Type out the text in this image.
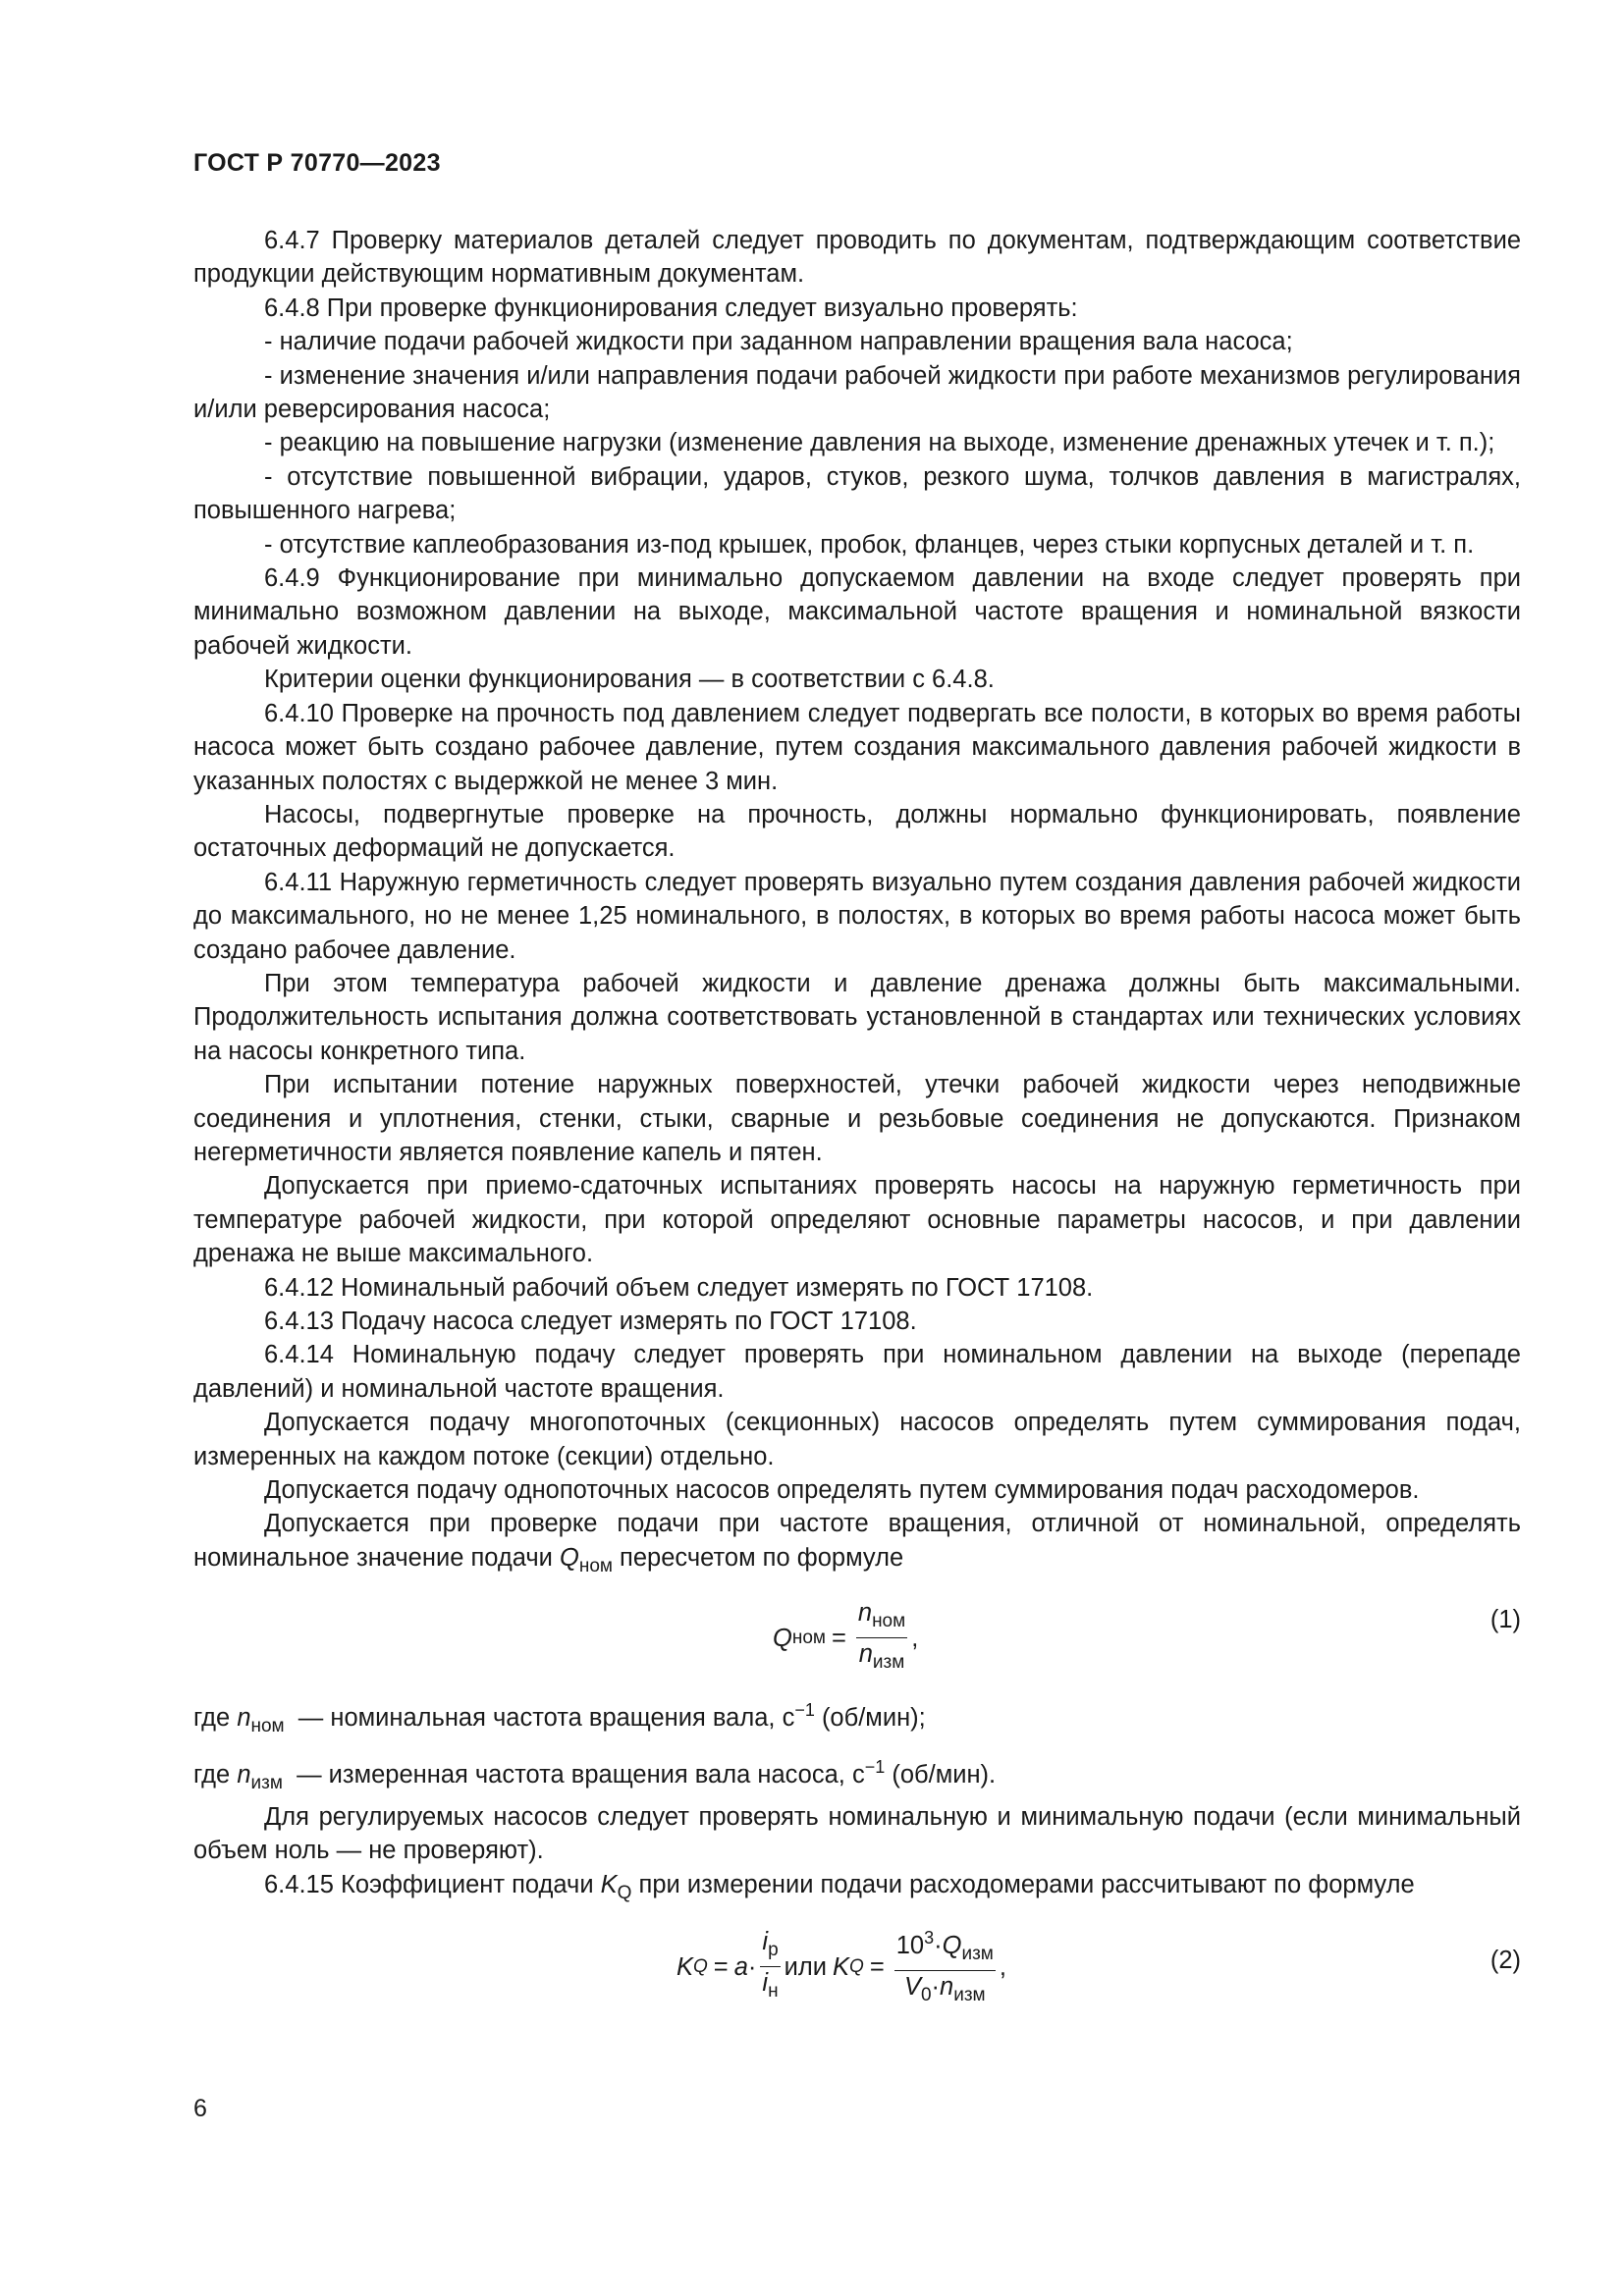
ГОСТ Р 70770—2023

6.4.7 Проверку материалов деталей следует проводить по документам, подтверждающим соответствие продукции действующим нормативным документам.

6.4.8 При проверке функционирования следует визуально проверять:

- наличие подачи рабочей жидкости при заданном направлении вращения вала насоса;

- изменение значения и/или направления подачи рабочей жидкости при работе механизмов регулирования и/или реверсирования насоса;

- реакцию на повышение нагрузки (изменение давления на выходе, изменение дренажных утечек и т. п.);

- отсутствие повышенной вибрации, ударов, стуков, резкого шума, толчков давления в магистралях, повышенного нагрева;

- отсутствие каплеобразования из-под крышек, пробок, фланцев, через стыки корпусных деталей и т. п.

6.4.9 Функционирование при минимально допускаемом давлении на входе следует проверять при минимально возможном давлении на выходе, максимальной частоте вращения и номинальной вязкости рабочей жидкости.

Критерии оценки функционирования — в соответствии с 6.4.8.

6.4.10 Проверке на прочность под давлением следует подвергать все полости, в которых во время работы насоса может быть создано рабочее давление, путем создания максимального давления рабочей жидкости в указанных полостях с выдержкой не менее 3 мин.

Насосы, подвергнутые проверке на прочность, должны нормально функционировать, появление остаточных деформаций не допускается.

6.4.11 Наружную герметичность следует проверять визуально путем создания давления рабочей жидкости до максимального, но не менее 1,25 номинального, в полостях, в которых во время работы насоса может быть создано рабочее давление.

При этом температура рабочей жидкости и давление дренажа должны быть максимальными. Продолжительность испытания должна соответствовать установленной в стандартах или технических условиях на насосы конкретного типа.

При испытании потение наружных поверхностей, утечки рабочей жидкости через неподвижные соединения и уплотнения, стенки, стыки, сварные и резьбовые соединения не допускаются. Признаком негерметичности является появление капель и пятен.

Допускается при приемо-сдаточных испытаниях проверять насосы на наружную герметичность при температуре рабочей жидкости, при которой определяют основные параметры насосов, и при давлении дренажа не выше максимального.

6.4.12 Номинальный рабочий объем следует измерять по ГОСТ 17108.

6.4.13 Подачу насоса следует измерять по ГОСТ 17108.

6.4.14 Номинальную подачу следует проверять при номинальном давлении на выходе (перепаде давлений) и номинальной частоте вращения.

Допускается подачу многопоточных (секционных) насосов определять путем суммирования подач, измеренных на каждом потоке (секции) отдельно.

Допускается подачу однопоточных насосов определять путем суммирования подач расходомеров.

Допускается при проверке подачи при частоте вращения, отличной от номинальной, определять номинальное значение подачи $Q_{ном}$ пересчетом по формуле

Q ном = $\frac{n_{ном}}{n_{изм}}$ ,
(1)

где $n_{ном}$ — номинальная частота вращения вала, $с^{-1}$ (об/мин);

где $n_{изм}$ — измеренная частота вращения вала насоса, $с^{-1}$ (об/мин).

Для регулируемых насосов следует проверять номинальную и минимальную подачи (если минимальный объем ноль — не проверяют).

6.4.15 Коэффициент подачи $K_Q$ при измерении подачи расходомерами рассчитывают по формуле

K $Q = a \cdot \frac{i_р}{i_н}$ или K $Q = \frac{10^3\cdot Q_{изм}}{V_0\cdot n_{изм}}$ ,	(2)
6
